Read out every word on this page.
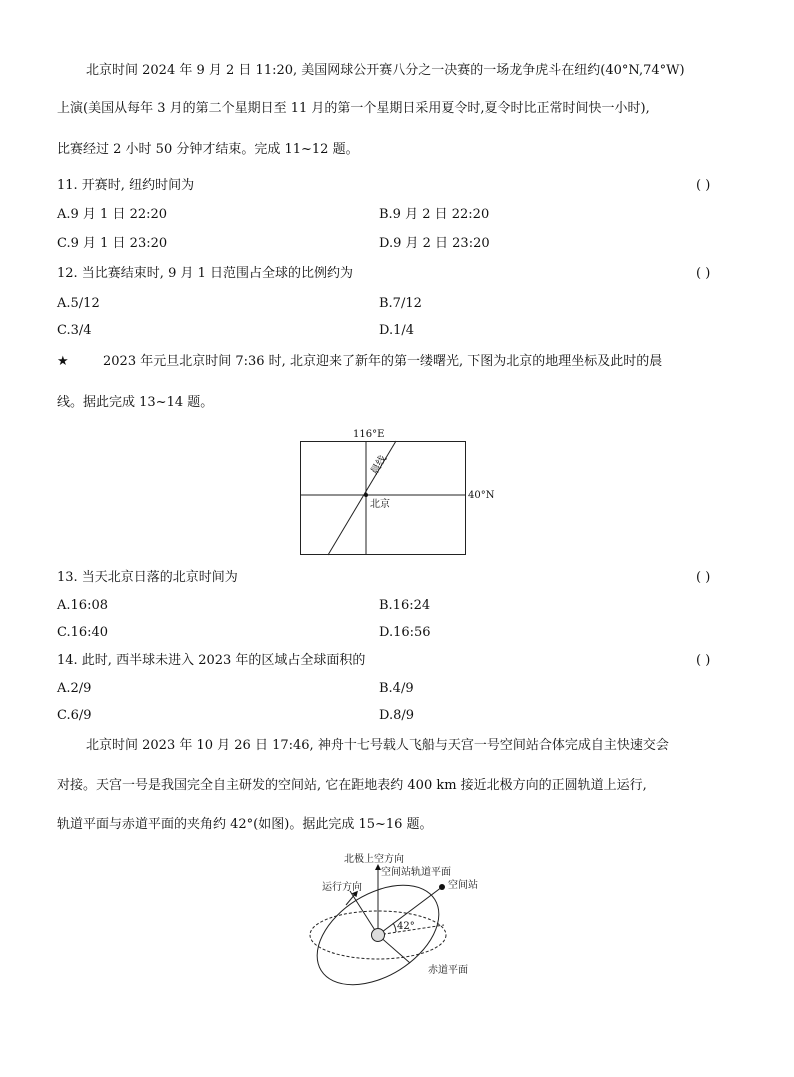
北京时间 2024 年 9 月 2 日 11:20, 美国网球公开赛八分之一决赛的一场龙争虎斗在纽约(40°N,74°W)
上演(美国从每年 3 月的第二个星期日至 11 月的第一个星期日采用夏令时,夏令时比正常时间快一小时),
比赛经过 2 小时 50 分钟才结束。完成 11~12 题。
11. 开赛时, 纽约时间为	( )
A.9 月 1 日 22:20	B.9 月 2 日 22:20
C.9 月 1 日 23:20	D.9 月 2 日 23:20
12. 当比赛结束时, 9 月 1 日范围占全球的比例约为	( )
A.5/12	B.7/12
C.3/4	D.1/4
★	2023 年元旦北京时间 7:36 时, 北京迎来了新年的第一缕曙光, 下图为北京的地理坐标及此时的晨
线。据此完成 13~14 题。
116°E
40°N
北京
晨线
13. 当天北京日落的北京时间为	( )
A.16:08	B.16:24
C.16:40	D.16:56
14. 此时, 西半球未进入 2023 年的区域占全球面积的	( )
A.2/9	B.4/9
C.6/9	D.8/9
北京时间 2023 年 10 月 26 日 17:46, 神舟十七号载人飞船与天宫一号空间站合体完成自主快速交会
对接。天宫一号是我国完全自主研发的空间站, 它在距地表约 400 km 接近北极方向的正圆轨道上运行,
轨道平面与赤道平面的夹角约 42°(如图)。据此完成 15~16 题。
北极上空方向
空间站轨道平面
空间站
运行方向
42°
赤道平面
